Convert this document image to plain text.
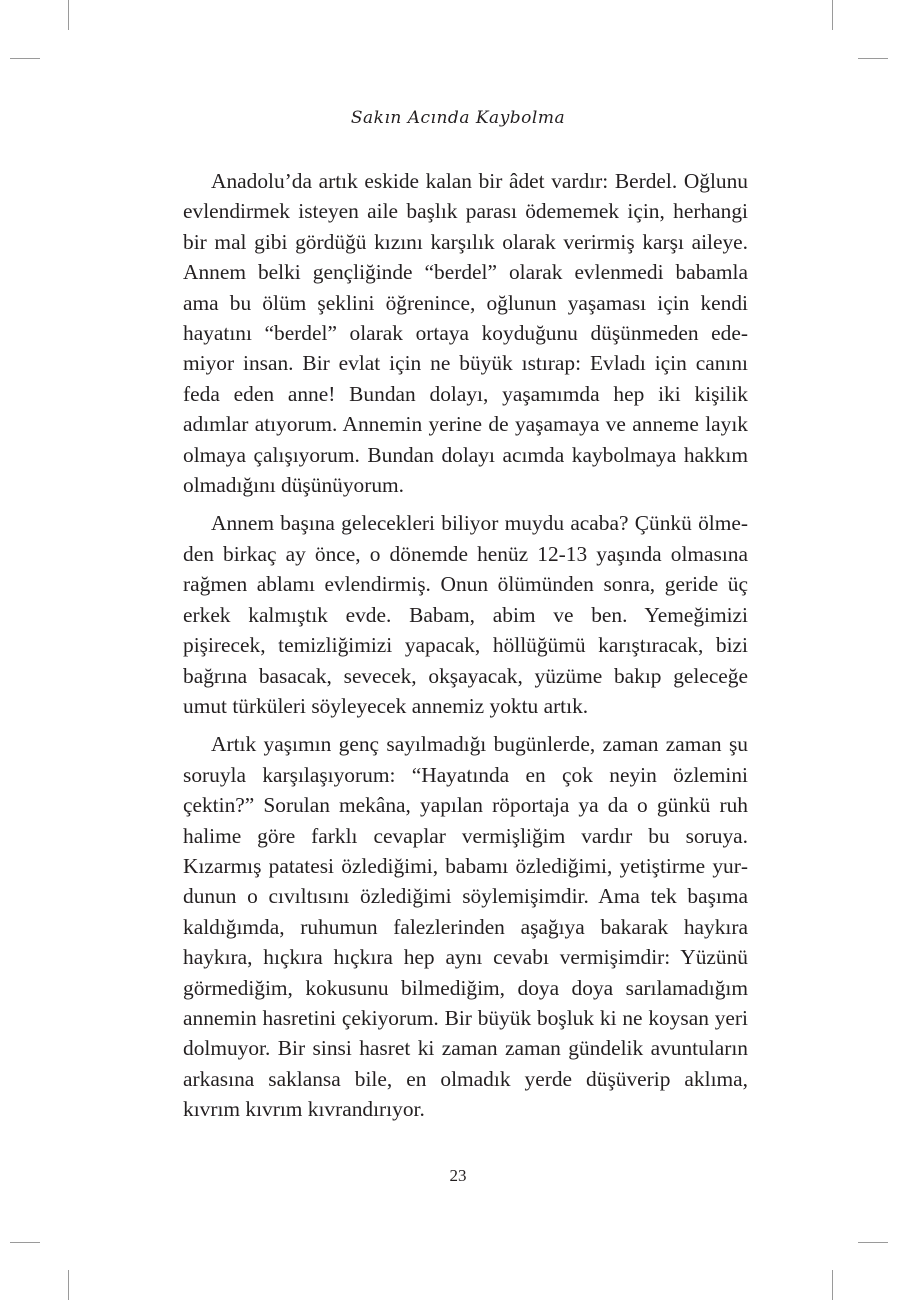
Sakın Acında Kaybolma

Anadolu’da artık eskide kalan bir âdet vardır: Berdel. Oğlunu evlendirmek isteyen aile başlık parası ödememek için, herhangi bir mal gibi gördüğü kızını karşılık olarak verirmiş karşı aileye. Annem belki gençliğinde “berdel” olarak evlenmedi babamla ama bu ölüm şeklini öğrenince, oğlunun yaşaması için kendi hayatını “berdel” olarak ortaya koyduğunu düşünmeden edemiyor insan. Bir evlat için ne büyük ıstırap: Evladı için canını feda eden anne! Bundan dolayı, yaşamımda hep iki kişilik adımlar atıyorum. Annemin yerine de yaşamaya ve anneme layık olmaya çalışıyorum. Bundan dolayı acımda kaybolmaya hakkım olmadığını düşünüyorum.

Annem başına gelecekleri biliyor muydu acaba? Çünkü ölmeden birkaç ay önce, o dönemde henüz 12-13 yaşında olmasına rağmen ablamı evlendirmiş. Onun ölümünden sonra, geride üç erkek kalmıştık evde. Babam, abim ve ben. Yemeğimizi pişirecek, temizliğimizi yapacak, höllüğümü karıştıracak, bizi bağrına basacak, sevecek, okşayacak, yüzüme bakıp geleceğe umut türküleri söyleyecek annemiz yoktu artık.

Artık yaşımın genç sayılmadığı bugünlerde, zaman zaman şu soruyla karşılaşıyorum: “Hayatında en çok neyin özlemini çektin?” Sorulan mekâna, yapılan röportaja ya da o günkü ruh halime göre farklı cevaplar vermişliğim vardır bu soruya. Kızarmış patatesi özlediğimi, babamı özlediğimi, yetiştirme yurdunun o cıvıltısını özlediğimi söylemişimdir. Ama tek başıma kaldığımda, ruhumun falezlerinden aşağıya bakarak haykıra haykıra, hıçkıra hıçkıra hep aynı cevabı vermişimdir: Yüzünü görmediğim, kokusunu bilmediğim, doya doya sarılamadığım annemin hasretini çekiyorum. Bir büyük boşluk ki ne koysan yeri dolmuyor. Bir sinsi hasret ki zaman zaman gündelik avuntuların arkasına saklansa bile, en olmadık yerde düşüverip aklıma, kıvrım kıvrım kıvrandırıyor.

23
